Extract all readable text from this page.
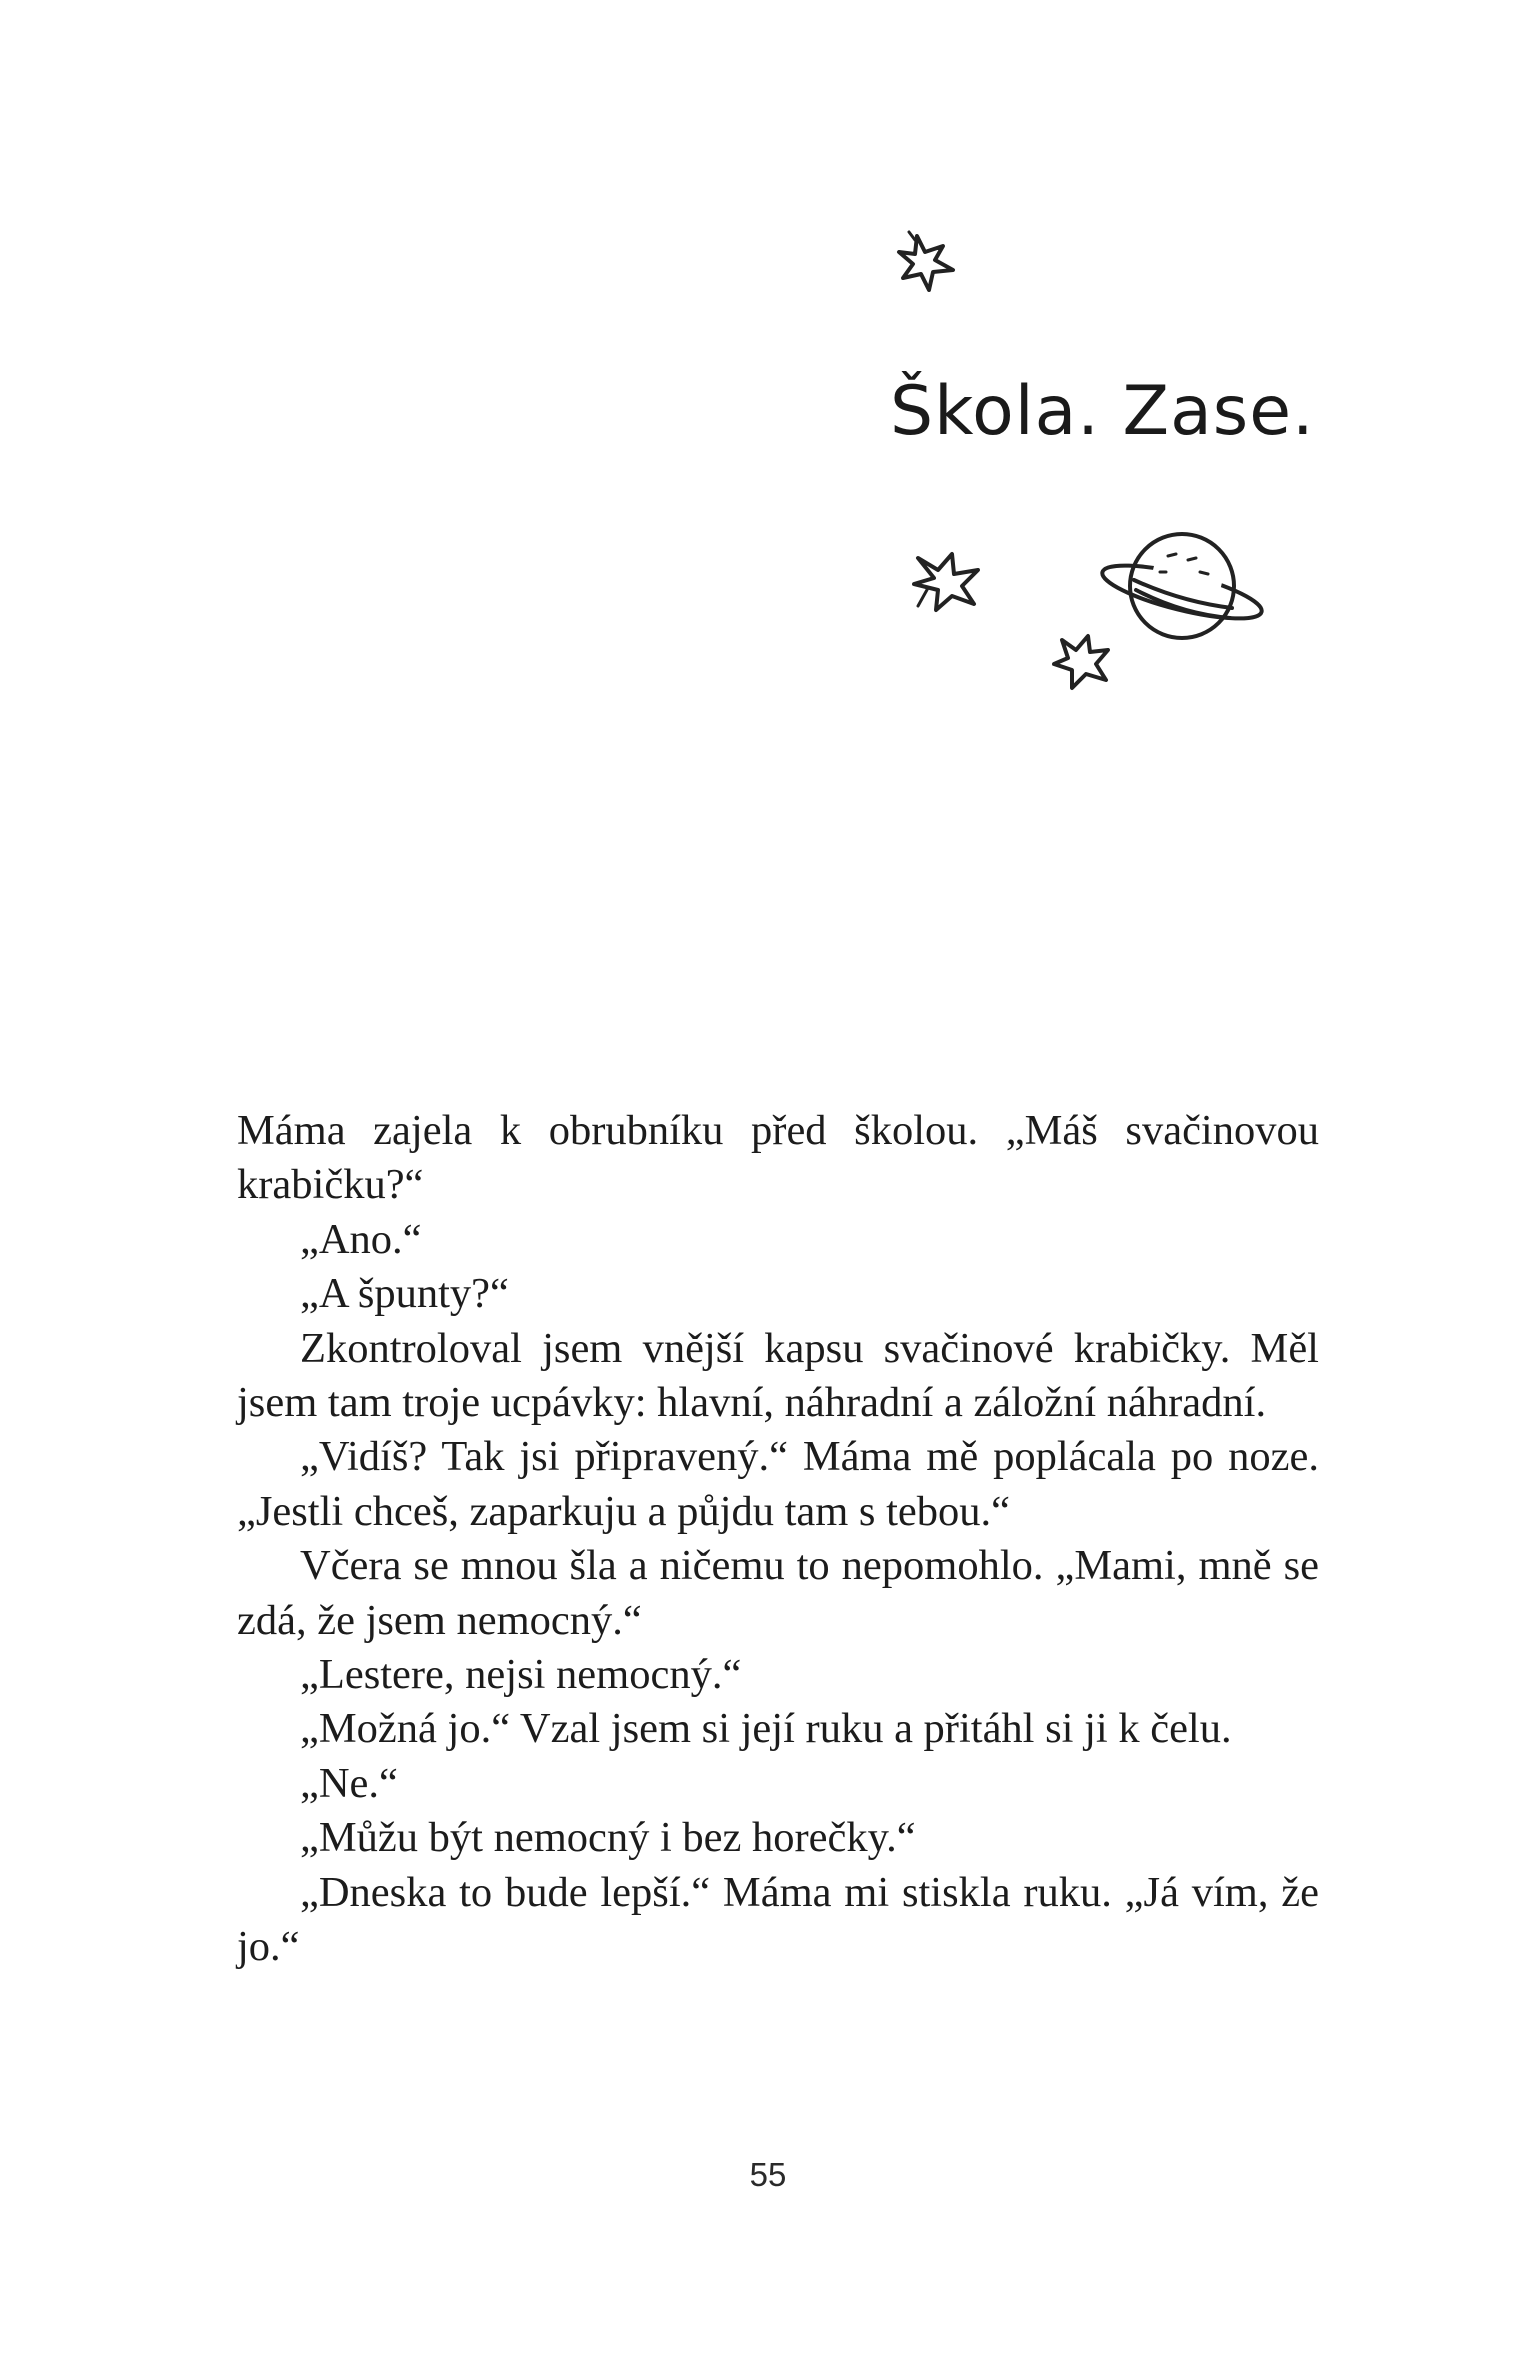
Škola. Zase.

Máma zajela k obrubníku před školou. „Máš svačinovou krabičku?“

„Ano.“

„A špunty?“

Zkontroloval jsem vnější kapsu svačinové krabičky. Měl jsem tam troje ucpávky: hlavní, náhradní a záložní náhradní.

„Vidíš? Tak jsi připravený.“ Máma mě poplácala po noze. „Jestli chceš, zaparkuju a půjdu tam s tebou.“

Včera se mnou šla a ničemu to nepomohlo. „Mami, mně se zdá, že jsem nemocný.“

„Lestere, nejsi nemocný.“

„Možná jo.“ Vzal jsem si její ruku a přitáhl si ji k čelu.

„Ne.“

„Můžu být nemocný i bez horečky.“

„Dneska to bude lepší.“ Máma mi stiskla ruku. „Já vím, že jo.“

55
